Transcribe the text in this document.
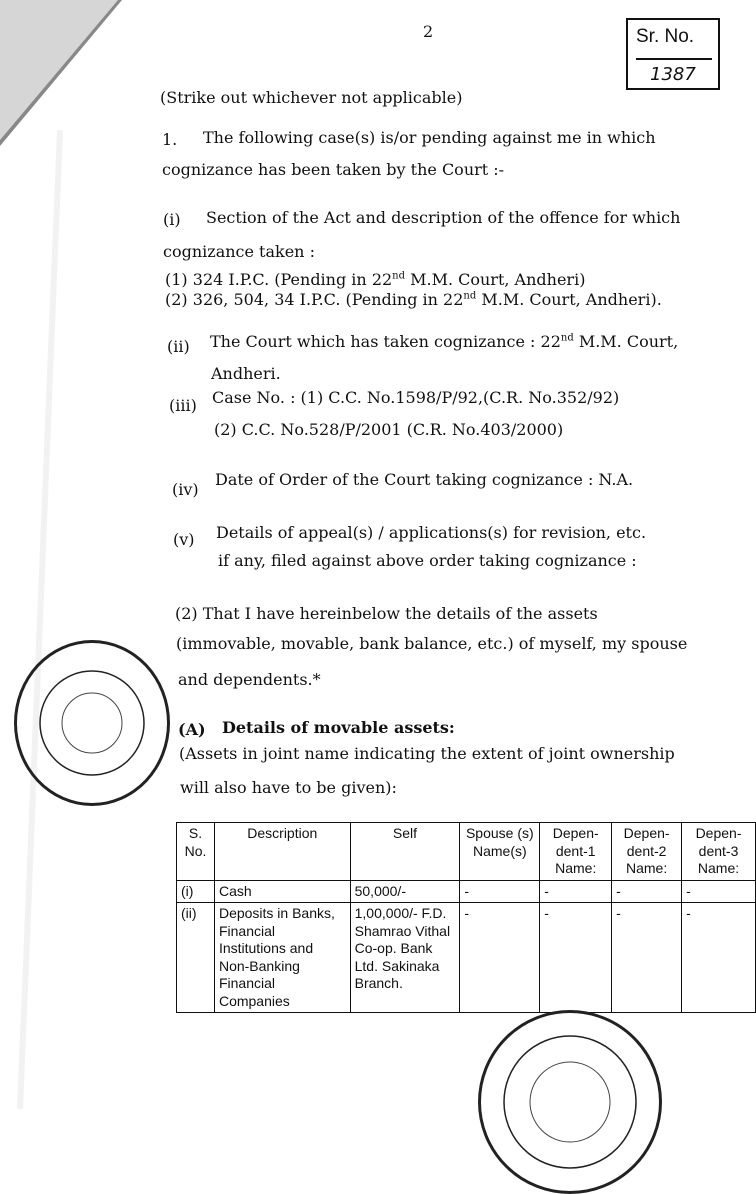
2	Sr. No.
1387
(Strike out whichever not applicable)
1. The following case(s) is/or pending against me in which
cognizance has been taken by the Court :-
(i) Section of the Act and description of the offence for which
cognizance taken :
(1) 324 I.P.C. (Pending in 22nd M.M. Court, Andheri)
(2) 326, 504, 34 I.P.C. (Pending in 22nd M.M. Court, Andheri).
(ii) The Court which has taken cognizance : 22nd M.M. Court,
Andheri.
(iii) Case No. : (1) C.C. No.1598/P/92,(C.R. No.352/92)
(2) C.C. No.528/P/2001 (C.R. No.403/2000)
(iv)
Date of Order of the Court taking cognizance : N.A.
(v) Details of appeal(s) / applications(s) for revision, etc.
if any, filed against above order taking cognizance :
(2) That I have hereinbelow the details of the assets
(immovable, movable, bank balance, etc.) of myself, my spouse
and dependents.*
(A) Details of movable assets:
(Assets in joint name indicating the extent of joint ownership
will also have to be given):
S. No.	Description	Self	Spouse (s) Name(s)	Depen-dent-1 Name:	Depen-dent-2 Name:	Depen-dent-3 Name:
(i)	Cash	50,000/-	-	-	-	-
(ii)	Deposits in Banks, Financial Institutions and Non-Banking Financial Companies	1,00,000/- F.D. Shamrao Vithal Co-op. Bank Ltd. Sakinaka Branch.	-	-	-	-
